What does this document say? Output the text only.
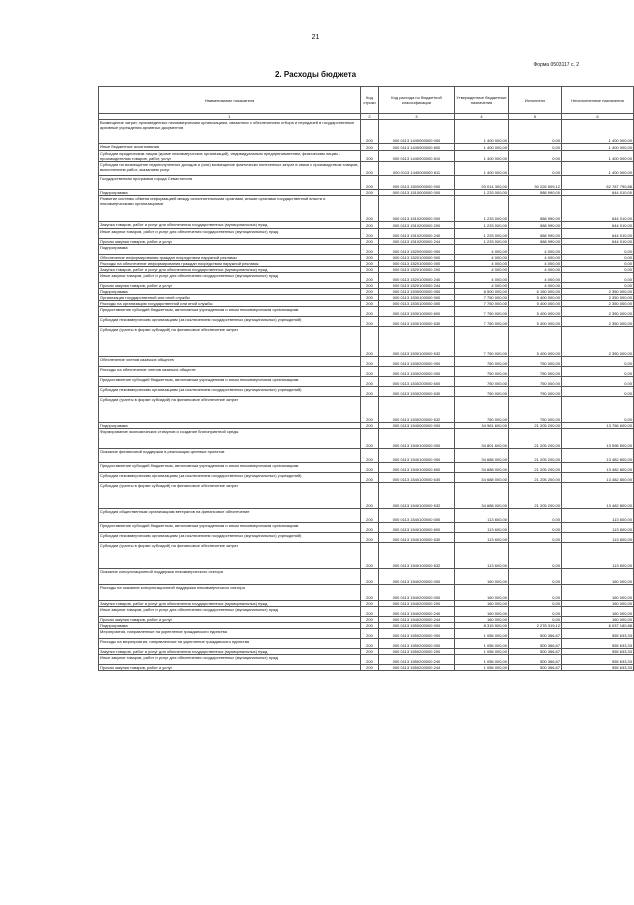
21
Форма 0503117 с. 2
2. Расходы бюджета
Наименование показателя	Код строки	Код расхода по бюджетной классификации	Утвержденные бюджетные назначения	Исполнено	Неисполненные назначения
1	2	3	4	5	6
Возмещение затрат, произведенных некоммерческим организациям, связанных с обеспечением отбора и передачей в государственные архивные учреждения архивных документов	200	000 0113 1440000000 000	1 400 000,00	0,00	1 400 000,00
Иные бюджетные ассигнования	200	000 0113 1440000000 800	1 400 000,00	0,00	1 400 000,00
Субсидии юридическим лицам (кроме некоммерческих организаций), индивидуальным предпринимателям, физическим лицам - производителям товаров, работ, услуг	200	000 0113 1440000000 810	1 400 000,00	0,00	1 400 000,00
Субсидии на возмещение недополученных доходов и (или) возмещение фактически понесенных затрат в связи с производством товаров, выполнением работ, оказанием услуг	200	000 0113 1440000000 811	1 400 000,00	0,00	1 400 000,00
Государственная программа города Севастополя	200	000 0113 1500000000 000	93 014 300,00	30 226 509,12	62 787 790,88
Подпрограмма	200	000 0113 1510000000 000	1 233 000,00	588 990,00	644 010,00
Развитие системы обмена информацией между исполнительными органами, иными органами государственной власти и некоммерческими организациями	200	000 0113 1510200000 000	1 233 000,00	588 990,00	644 010,00
Закупка товаров, работ и услуг для обеспечения государственных (муниципальных) нужд	200	000 0113 1510200000 200	1 233 000,00	588 990,00	644 010,00
Иные закупки товаров, работ и услуг для обеспечения государственных (муниципальных) нужд	200	000 0113 1510200000 240	1 233 000,00	588 990,00	644 010,00
Прочая закупка товаров, работ и услуг	200	000 0113 1510200000 244	1 233 000,00	588 990,00	644 010,00
Подпрограмма	200	000 0113 1520000000 000	4 000,00	4 000,00	0,00
Обеспечение информирования граждан посредством наружной рекламы	200	000 0113 1520100000 000	4 000,00	4 000,00	0,00
Расходы на обеспечение информирования граждан посредством наружной рекламы	200	000 0113 1520100000 000	4 000,00	4 000,00	0,00
Закупка товаров, работ и услуг для обеспечения государственных (муниципальных) нужд	200	000 0113 1520100000 200	4 000,00	4 000,00	0,00
Иные закупки товаров, работ и услуг для обеспечения государственных (муниципальных) нужд	200	000 0113 1520100000 240	4 000,00	4 000,00	0,00
Прочая закупка товаров, работ и услуг	200	000 0113 1520100000 244	4 000,00	4 000,00	0,00
Подпрограмма	200	000 0113 1530000000 000	8 500 000,00	6 150 000,00	2 350 000,00
Организация государственной или иной службы	200	000 0113 1530100000 000	7 750 000,00	5 400 000,00	2 350 000,00
Расходы на организацию государственной или иной службы	200	000 0113 1530100000 000	7 750 000,00	5 400 000,00	2 350 000,00
Предоставление субсидий бюджетным, автономным учреждениям и иным некоммерческим организациям	200	000 0113 1530100000 600	7 750 000,00	5 400 000,00	2 350 000,00
Субсидии некоммерческим организациям (за исключением государственных (муниципальных) учреждений)	200	000 0113 1530100000 630	7 750 000,00	5 400 000,00	2 350 000,00
Субсидии (гранты в форме субсидий) на финансовое обеспечение затрат	200	000 0113 1530100000 632	7 750 000,00	5 400 000,00	2 350 000,00
Обеспечение членов казачьих обществ	200	000 0113 1530200000 000	750 000,00	750 000,00	0,00
Расходы на обеспечение членов казачьих обществ	200	000 0113 1530200000 000	750 000,00	750 000,00	0,00
Предоставление субсидий бюджетным, автономным учреждениям и иным некоммерческим организациям	200	000 0113 1530200000 600	750 000,00	750 000,00	0,00
Субсидии некоммерческим организациям (за исключением государственных (муниципальных) учреждений)	200	000 0113 1530200000 630	750 000,00	750 000,00	0,00
Субсидии (гранты в форме субсидий) на финансовое обеспечение затрат	200	000 0113 1530200000 632	750 000,00	750 000,00	0,00
Подпрограмма	200	000 0113 1540000000 000	34 961 600,00	21 205 200,00	13 756 600,00
Формирование экономических стимулов и создание благоприятной среды	200	000 0113 1540100000 000	34 801 600,00	21 205 200,00	13 596 600,00
Оказание финансовой поддержки в реализации целевых проектов	200	000 0113 1540100000 000	34 688 000,00	21 205 200,00	13 482 800,00
Предоставление субсидий бюджетным, автономным учреждениям и иным некоммерческим организациям	200	000 0113 1540100000 600	34 688 000,00	21 205 200,00	13 482 800,00
Субсидии некоммерческим организациям (за исключением государственных (муниципальных) учреждений)	200	000 0113 1540100000 630	34 688 000,00	21 205 200,00	13 482 800,00
Субсидии (гранты в форме субсидий) на финансовое обеспечение затрат	200	000 0113 1540100000 632	34 688 000,00	21 205 200,00	13 482 800,00
Субсидия общественным организациям ветеранов на финансовое обеспечение	200	000 0113 1540100000 000	113 600,00	0,00	113 600,00
Предоставление субсидий бюджетным, автономным учреждениям и иным некоммерческим организациям	200	000 0113 1540100000 600	113 600,00	0,00	113 600,00
Субсидии некоммерческим организациям (за исключением государственных (муниципальных) учреждений)	200	000 0113 1540100000 630	113 600,00	0,00	113 600,00
Субсидии (гранты в форме субсидий) на финансовое обеспечение затрат	200	000 0113 1540100000 632	113 600,00	0,00	113 600,00
Оказание консультационной поддержки некоммерческого сектора	200	000 0113 1540200000 000	160 000,00	0,00	160 000,00
Расходы на оказание консультационной поддержки некоммерческого сектора	200	000 0113 1540200000 000	160 000,00	0,00	160 000,00
Закупка товаров, работ и услуг для обеспечения государственных (муниципальных) нужд	200	000 0113 1540200000 200	160 000,00	0,00	160 000,00
Иные закупки товаров, работ и услуг для обеспечения государственных (муниципальных) нужд	200	000 0113 1540200000 240	160 000,00	0,00	160 000,00
Прочая закупка товаров, работ и услуг	200	000 0113 1540200000 244	160 000,00	0,00	160 000,00
Подпрограмма	200	000 0113 1550000000 000	8 315 500,00	2 278 319,12	6 037 180,88
Мероприятия, направленные на укрепление гражданского единства	200	000 0113 1550200000 000	1 056 000,00	500 366,67	555 633,33
Расходы на мероприятия, направленные на укрепление гражданского единства	200	000 0113 1550200000 000	1 056 000,00	500 366,67	555 633,33
Закупка товаров, работ и услуг для обеспечения государственных (муниципальных) нужд	200	000 0113 1550200000 200	1 056 000,00	500 366,67	555 633,33
Иные закупки товаров, работ и услуг для обеспечения государственных (муниципальных) нужд	200	000 0113 1550200000 240	1 056 000,00	500 366,67	555 633,33
Прочая закупка товаров, работ и услуг	200	000 0113 1550200000 244	1 056 000,00	500 366,67	555 633,33
